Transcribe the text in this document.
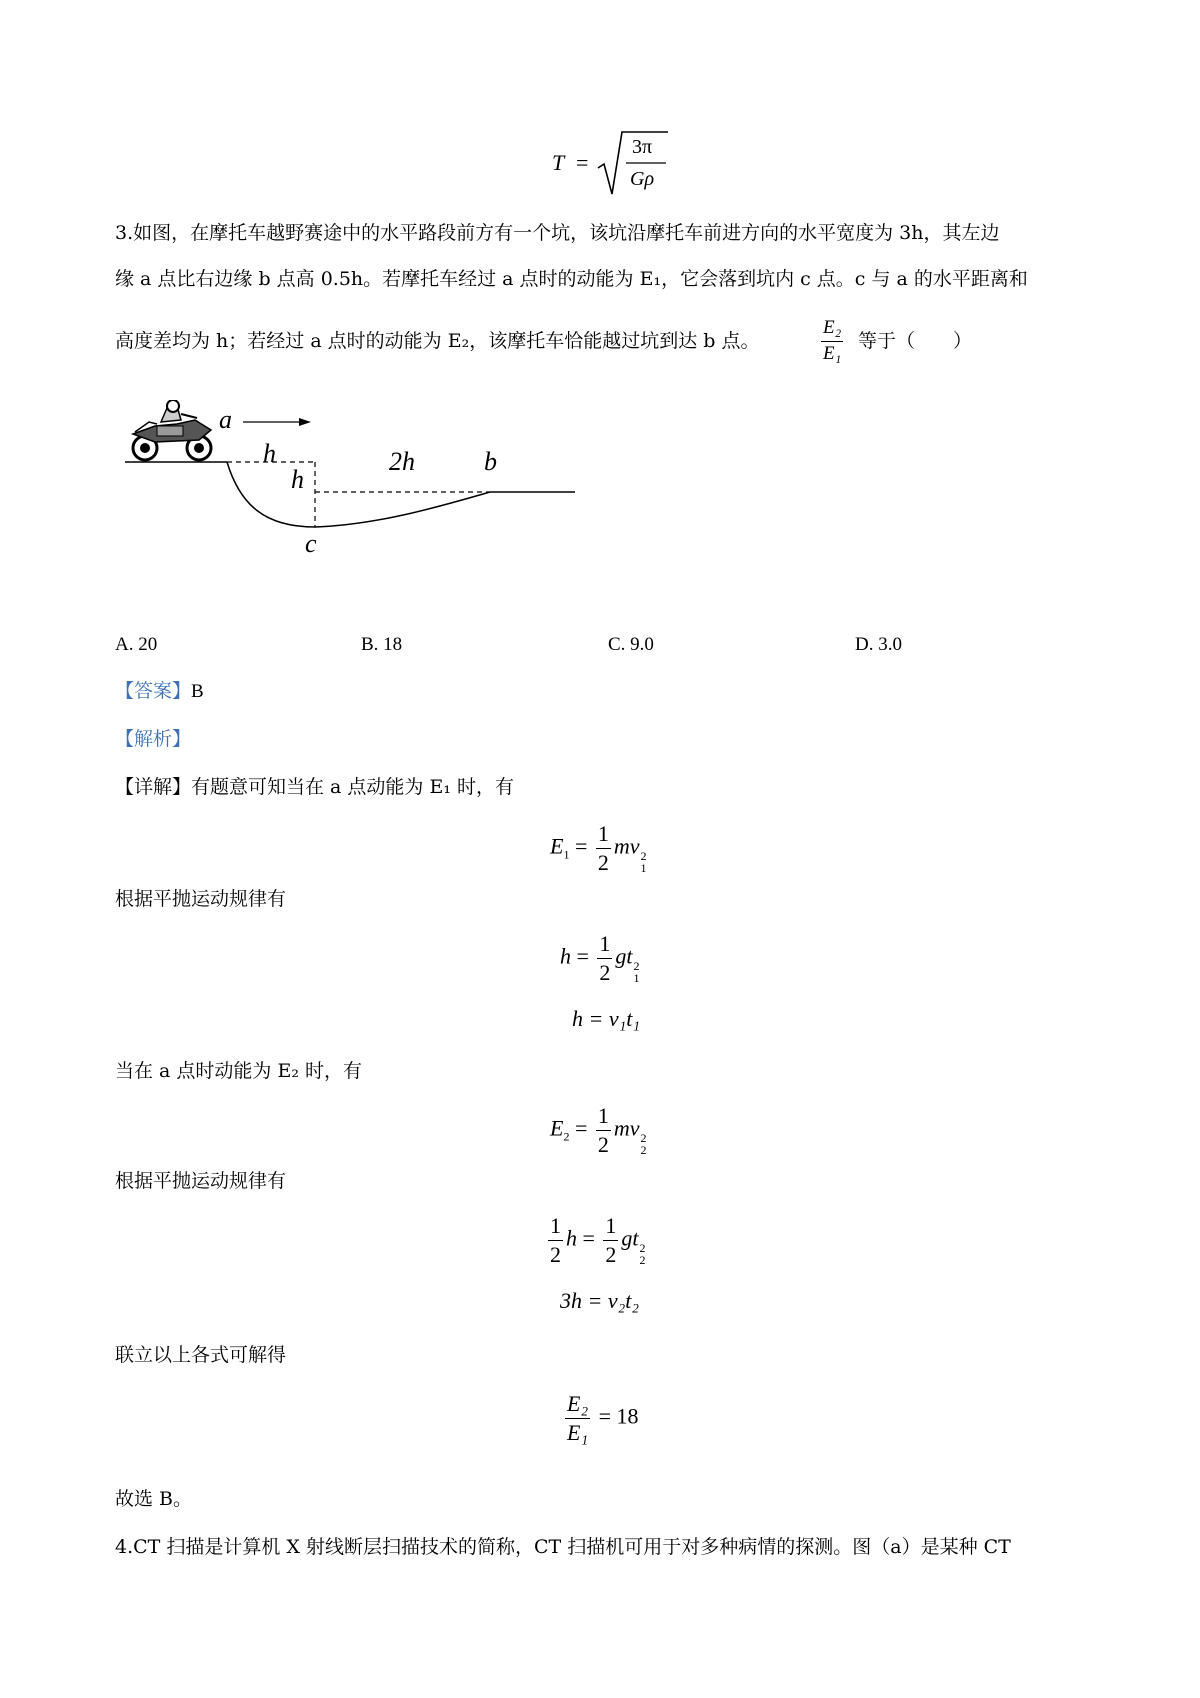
T =
3π
Gρ
3.如图，在摩托车越野赛途中的水平路段前方有一个坑，该坑沿摩托车前进方向的水平宽度为 3h，其左边
缘 a 点比右边缘 b 点高 0.5h。若摩托车经过 a 点时的动能为 E₁，它会落到坑内 c 点。c 与 a 的水平距离和
高度差均为 h；若经过 a 点时的动能为 E₂，该摩托车恰能越过坑到达 b 点。	$\frac{\text{E₂}}{\text{E₁}}$ 等于（　　）
a
h
h
2h	b
c
A. 20	B. 18	C. 9.0	D. 3.0
【答案】B
【解析】
【详解】有题意可知当在 a 点动能为 E₁ 时，有
$E_1 = \frac{1}{2}$ mv 2
1
根据平抛运动规律有
$h = \frac{1}{2}$ gt 2
1
h = v₁t₁
当在 a 点时动能为 E₂ 时，有
$E_2 = \frac{1}{2}$ mv 2
2
根据平抛运动规律有
$\frac{1}{2}$ $h = \frac{1}{2}$ gt 2
2
3h = v₂t₂
联立以上各式可解得
$\frac{\text{E₂}}{\text{E₁}} = 18$
故选 B。
4.CT 扫描是计算机 X 射线断层扫描技术的简称，CT 扫描机可用于对多种病情的探测。图（a）是某种 CT
